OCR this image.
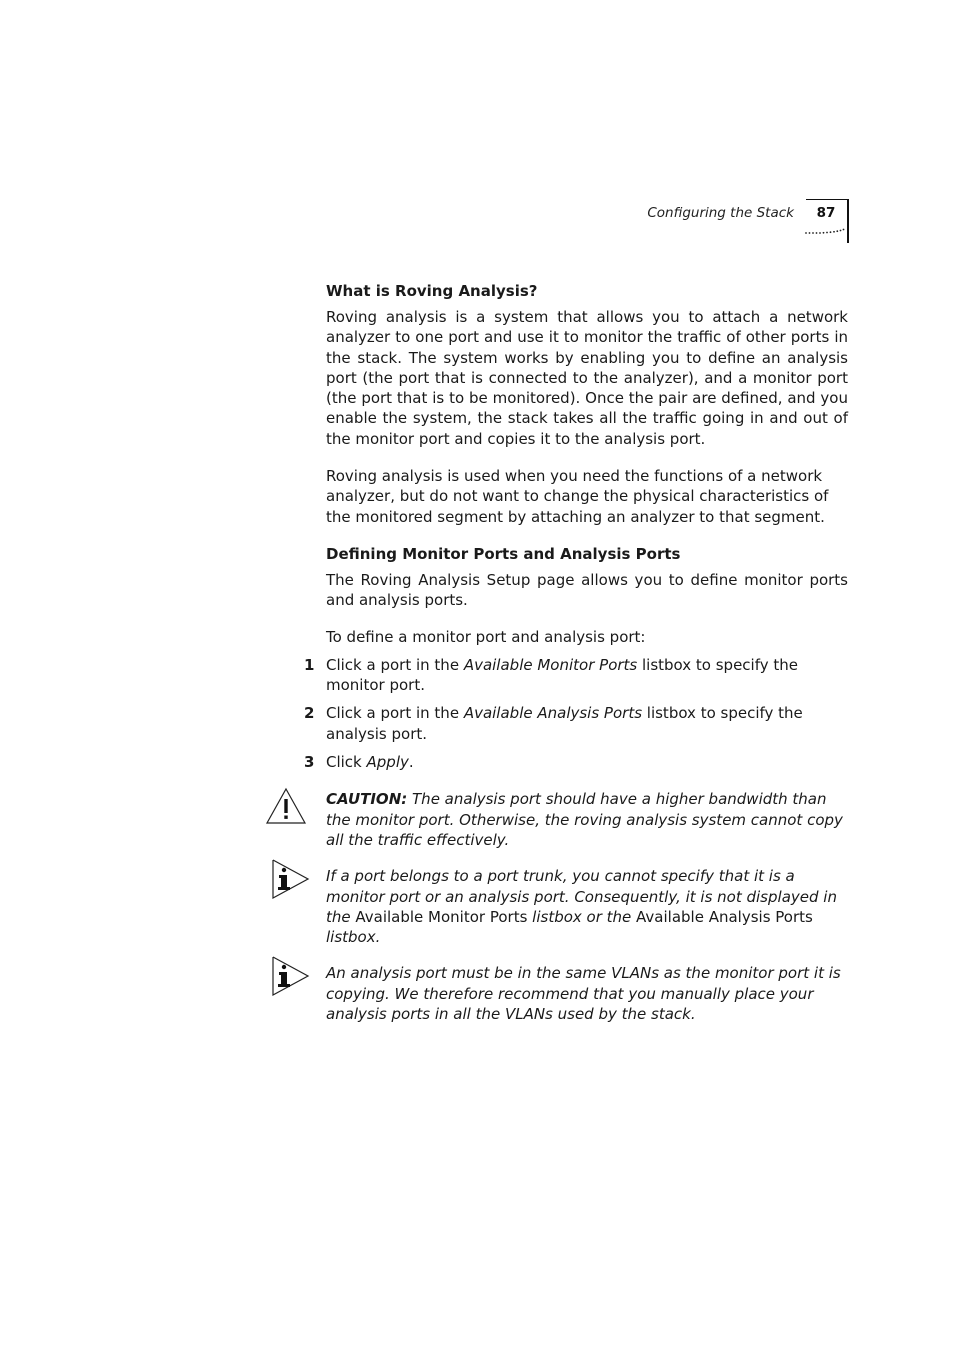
Configuring the Stack	87
What is Roving Analysis?

Roving analysis is a system that allows you to attach a network analyzer to one port and use it to monitor the traffic of other ports in the stack. The system works by enabling you to define an analysis port (the port that is connected to the analyzer), and a monitor port (the port that is to be monitored). Once the pair are defined, and you enable the system, the stack takes all the traffic going in and out of the monitor port and copies it to the analysis port.

Roving analysis is used when you need the functions of a network analyzer, but do not want to change the physical characteristics of the monitored segment by attaching an analyzer to that segment.

Defining Monitor Ports and Analysis Ports

The Roving Analysis Setup page allows you to define monitor ports and analysis ports.

To define a monitor port and analysis port:

1 Click a port in the Available Monitor Ports listbox to specify the monitor port.
2 Click a port in the Available Analysis Ports listbox to specify the analysis port.
3 Click Apply.
CAUTION: The analysis port should have a higher bandwidth than the monitor port. Otherwise, the roving analysis system cannot copy all the traffic effectively.
If a port belongs to a port trunk, you cannot specify that it is a monitor port or an analysis port. Consequently, it is not displayed in the Available Monitor Ports listbox or the Available Analysis Ports listbox.
An analysis port must be in the same VLANs as the monitor port it is copying. We therefore recommend that you manually place your analysis ports in all the VLANs used by the stack.
